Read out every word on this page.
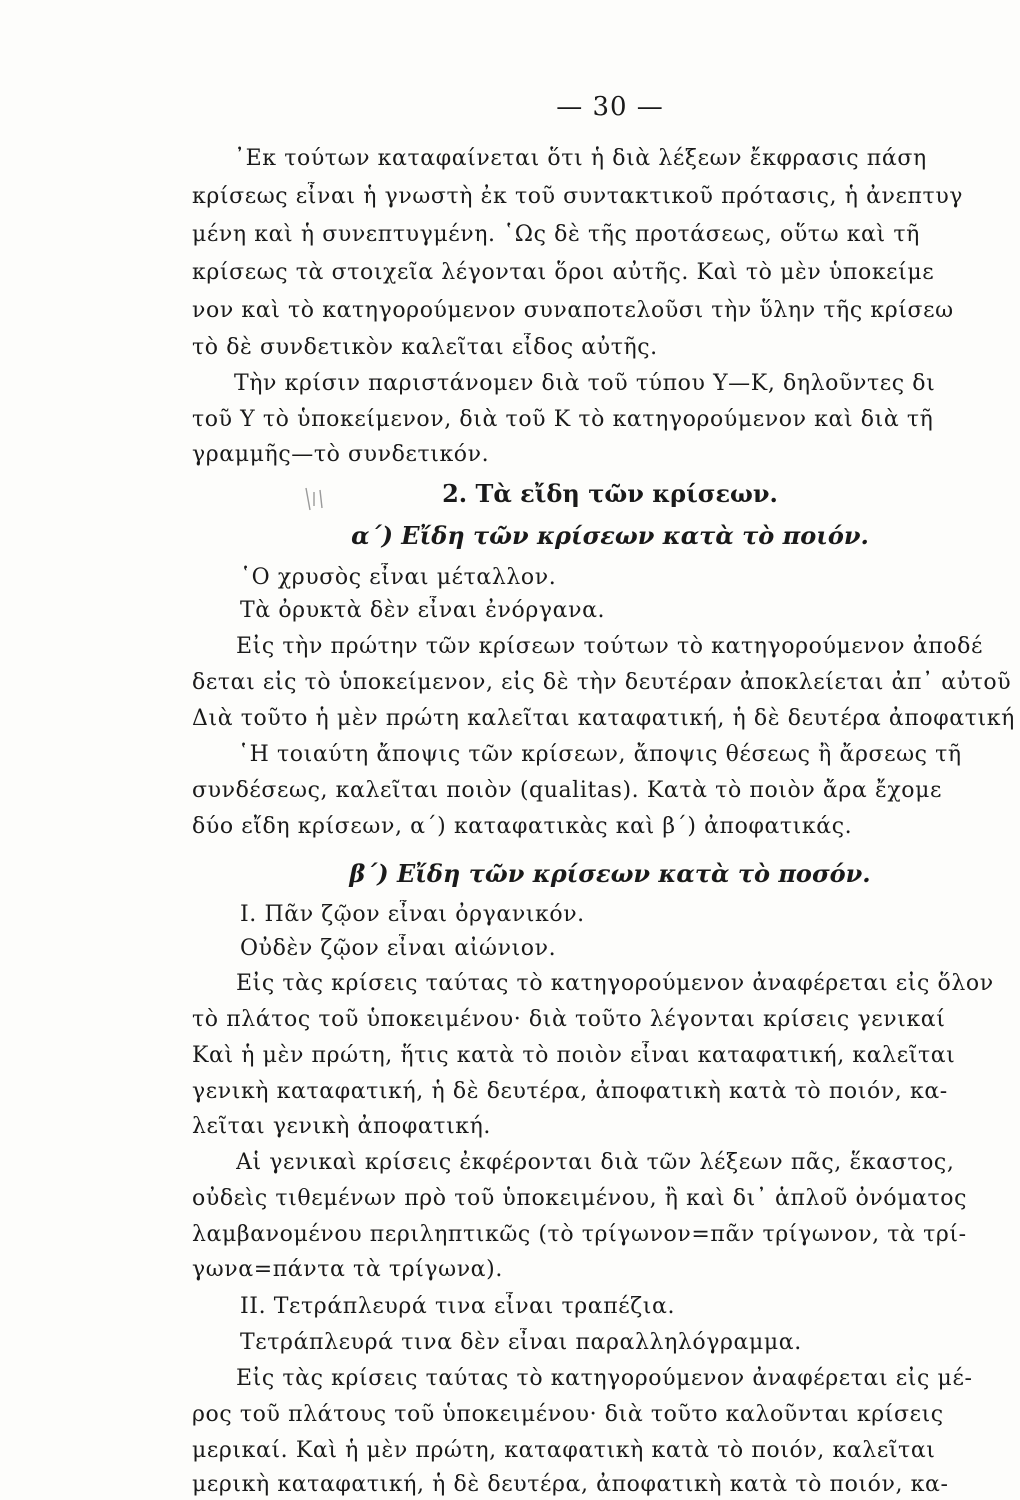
— 30 —
᾿Εκ τούτων καταφαίνεται ὅτι ἡ διὰ λέξεων ἔκφρασις πάση
κρίσεως εἶναι ἡ γνωστὴ ἐκ τοῦ συντακτικοῦ πρότασις, ἡ ἀνεπτυγ
μένη καὶ ἡ συνεπτυγμένη. ῾Ως δὲ τῆς προτάσεως, οὕτω καὶ τῆ
κρίσεως τὰ στοιχεῖα λέγονται ὅροι αὐτῆς. Καὶ τὸ μὲν ὑποκείμε
νον καὶ τὸ κατηγορούμενον συναποτελοῦσι τὴν ὕλην τῆς κρίσεω
τὸ δὲ συνδετικὸν καλεῖται εἶδος αὐτῆς.
Τὴν κρίσιν παριστάνομεν διὰ τοῦ τύπου Υ—Κ, δηλοῦντες δι
τοῦ Υ τὸ ὑποκείμενον, διὰ τοῦ Κ τὸ κατηγορούμενον καὶ διὰ τῆ
γραμμῆς—τὸ συνδετικόν.
2. Τὰ εἴδη τῶν κρίσεων.
α΄) Εἴδη τῶν κρίσεων κατὰ τὸ ποιόν.
῾Ο χρυσὸς εἶναι μέταλλον.
Τὰ ὀρυκτὰ δὲν εἶναι ἐνόργανα.
Εἰς τὴν πρώτην τῶν κρίσεων τούτων τὸ κατηγορούμενον ἀποδέ
δεται εἰς τὸ ὑποκείμενον, εἰς δὲ τὴν δευτέραν ἀποκλείεται ἀπ᾿ αὐτοῦ
Διὰ τοῦτο ἡ μὲν πρώτη καλεῖται καταφατική, ἡ δὲ δευτέρα ἀποφατική
῾Η τοιαύτη ἄποψις τῶν κρίσεων, ἄποψις θέσεως ἢ ἄρσεως τῆ
συνδέσεως, καλεῖται ποιὸν (qualitas). Κατὰ τὸ ποιὸν ἄρα ἔχομε
δύο εἴδη κρίσεων, α΄) καταφατικὰς καὶ β΄) ἀποφατικάς.
β΄) Εἴδη τῶν κρίσεων κατὰ τὸ ποσόν.
Ι. Πᾶν ζῷον εἶναι ὀργανικόν.
Οὐδὲν ζῷον εἶναι αἰώνιον.
Εἰς τὰς κρίσεις ταύτας τὸ κατηγορούμενον ἀναφέρεται εἰς ὅλον
τὸ πλάτος τοῦ ὑποκειμένου· διὰ τοῦτο λέγονται κρίσεις γενικαί
Καὶ ἡ μὲν πρώτη, ἥτις κατὰ τὸ ποιὸν εἶναι καταφατική, καλεῖται
γενικὴ καταφατική, ἡ δὲ δευτέρα, ἀποφατικὴ κατὰ τὸ ποιόν, κα-
λεῖται γενικὴ ἀποφατική.
Αἱ γενικαὶ κρίσεις ἐκφέρονται διὰ τῶν λέξεων πᾶς, ἕκαστος,
οὐδεὶς τιθεμένων πρὸ τοῦ ὑποκειμένου, ἢ καὶ δι᾿ ἁπλοῦ ὀνόματος
λαμβανομένου περιληπτικῶς (τὸ τρίγωνον=πᾶν τρίγωνον, τὰ τρί-
γωνα=πάντα τὰ τρίγωνα).
ΙΙ. Τετράπλευρά τινα εἶναι τραπέζια.
Τετράπλευρά τινα δὲν εἶναι παραλληλόγραμμα.
Εἰς τὰς κρίσεις ταύτας τὸ κατηγορούμενον ἀναφέρεται εἰς μέ-
ρος τοῦ πλάτους τοῦ ὑποκειμένου· διὰ τοῦτο καλοῦνται κρίσεις
μερικαί. Καὶ ἡ μὲν πρώτη, καταφατικὴ κατὰ τὸ ποιόν, καλεῖται
μερικὴ καταφατική, ἡ δὲ δευτέρα, ἀποφατικὴ κατὰ τὸ ποιόν, κα-
